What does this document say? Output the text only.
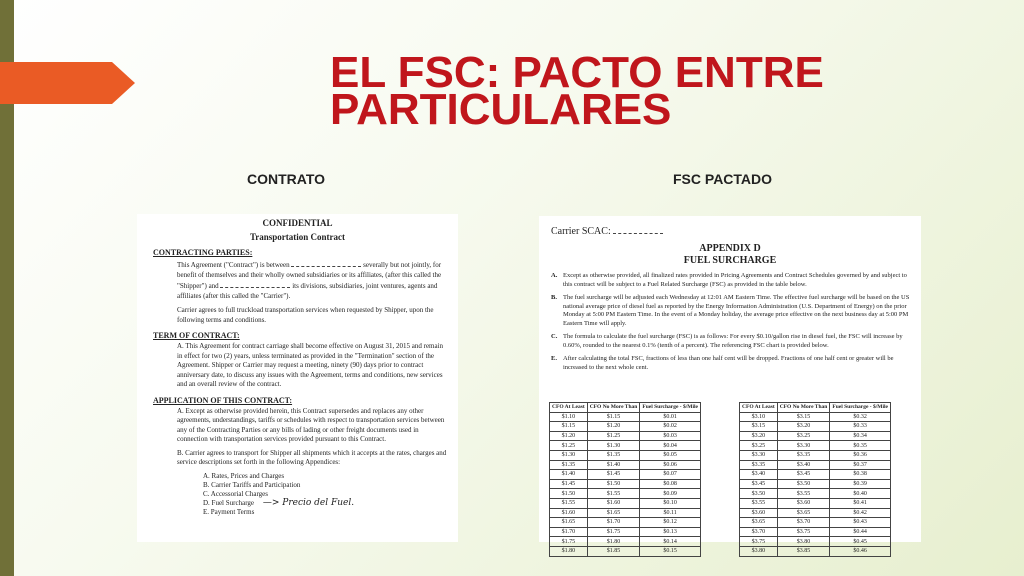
EL FSC: PACTO ENTRE PARTICULARES
CONTRATO	FSC PACTADO
CONFIDENTIAL
Transportation Contract
CONTRACTING PARTIES:
This Agreement ("Contract") is between	severally but not jointly, for benefit of themselves and their wholly owned subsidiaries or its affiliates, (after this called the "Shipper") and	its divisions, subsidiaries, joint ventures, agents and affiliates (after this called the "Carrier").
Carrier agrees to full truckload transportation services when requested by Shipper, upon the following terms and conditions.
TERM OF CONTRACT:
A. This Agreement for contract carriage shall become effective on August 31, 2015 and remain in effect for two (2) years, unless terminated as provided in the "Termination" section of the Agreement. Shipper or Carrier may request a meeting, ninety (90) days prior to contract anniversary date, to discuss any issues with the Agreement, terms and conditions, new services and an overall review of the contract.
APPLICATION OF THIS CONTRACT:
A. Except as otherwise provided herein, this Contract supersedes and replaces any other agreements, understandings, tariffs or schedules with respect to transportation services between any of the Contracting Parties or any bills of lading or other freight documents used in connection with transportation services provided pursuant to this Contract.
B. Carrier agrees to transport for Shipper all shipments which it accepts at the rates, charges and service descriptions set forth in the following Appendices:
A. Rates, Prices and Charges
B. Carrier Tariffs and Participation
C. Accessorial Charges
D. Fuel Surcharge —> Precio del Fuel.
E. Payment Terms
Carrier SCAC:
APPENDIX D
FUEL SURCHARGE
A. Except as otherwise provided, all finalized rates provided in Pricing Agreements and Contract Schedules governed by and subject to this contract will be subject to a Fuel Related Surcharge (FSC) as provided in the table below.
B. The fuel surcharge will be adjusted each Wednesday at 12:01 AM Eastern Time. The effective fuel surcharge will be based on the US national average price of diesel fuel as reported by the Energy Information Administration (U.S. Department of Energy) on the prior Monday at 5:00 PM Eastern Time. In the event of a Monday holiday, the average price effective on the next business day at 5:00 PM Eastern Time will apply.
C. The formula to calculate the fuel surcharge (FSC) is as follows: For every $0.10/gallon rise in diesel fuel, the FSC will increase by 0.60%, rounded to the nearest 0.1% (tenth of a percent). The referencing FSC chart is provided below.
E. After calculating the total FSC, fractions of less than one half cent will be dropped. Fractions of one half cent or greater will be increased to the next whole cent.
CFO At Least	CFO No More Than	Fuel Surcharge - $/Mile
$1.10	$1.15	$0.01
$1.15	$1.20	$0.02
$1.20	$1.25	$0.03
$1.25	$1.30	$0.04
$1.30	$1.35	$0.05
$1.35	$1.40	$0.06
$1.40	$1.45	$0.07
$1.45	$1.50	$0.08
$1.50	$1.55	$0.09
$1.55	$1.60	$0.10
$1.60	$1.65	$0.11
$1.65	$1.70	$0.12
$1.70	$1.75	$0.13
$1.75	$1.80	$0.14
$1.80	$1.85	$0.15
CFO At Least	CFO No More Than	Fuel Surcharge - $/Mile
$3.10	$3.15	$0.32
$3.15	$3.20	$0.33
$3.20	$3.25	$0.34
$3.25	$3.30	$0.35
$3.30	$3.35	$0.36
$3.35	$3.40	$0.37
$3.40	$3.45	$0.38
$3.45	$3.50	$0.39
$3.50	$3.55	$0.40
$3.55	$3.60	$0.41
$3.60	$3.65	$0.42
$3.65	$3.70	$0.43
$3.70	$3.75	$0.44
$3.75	$3.80	$0.45
$3.80	$3.85	$0.46
